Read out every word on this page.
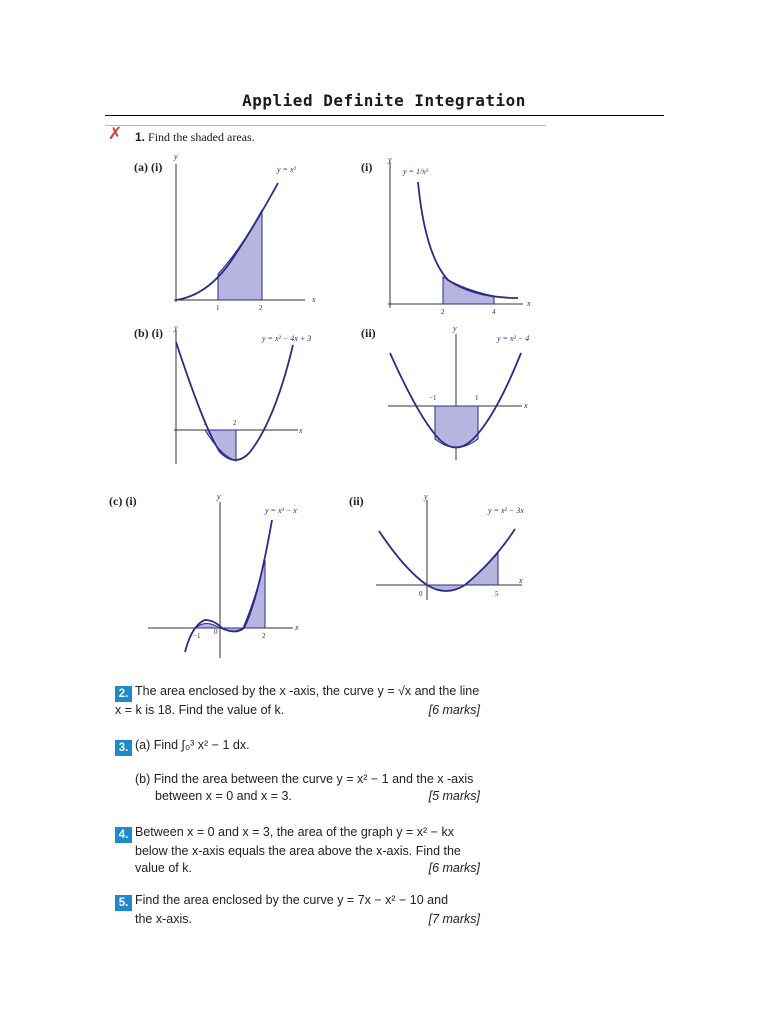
Applied Definite Integration
✗ 1. Find the shaded areas.
(a) (i)	(i)
(b) (i)	(ii)
(c) (i)	(ii)
y = x²
1	2
x
y
y = 1/x²
2	4
x
y
y = x² − 4x + 3
1	2
x
y
y = x² − 4
−1	1
x
y
y = x³ − x
−1 0	2
x
y
y = x² − 3x
0	5
x
y
2. The area enclosed by the x -axis, the curve y = √x and the line
x = k is 18. Find the value of k.	[6 marks]
3. (a) Find ∫₀³ x² − 1 dx.
(b) Find the area between the curve y = x² − 1 and the x -axis
between x = 0 and x = 3.	[5 marks]
4. Between x = 0 and x = 3, the area of the graph y = x² − kx
below the x-axis equals the area above the x-axis. Find the
value of k.	[6 marks]
5. Find the area enclosed by the curve y = 7x − x² − 10 and
the x-axis.	[7 marks]
